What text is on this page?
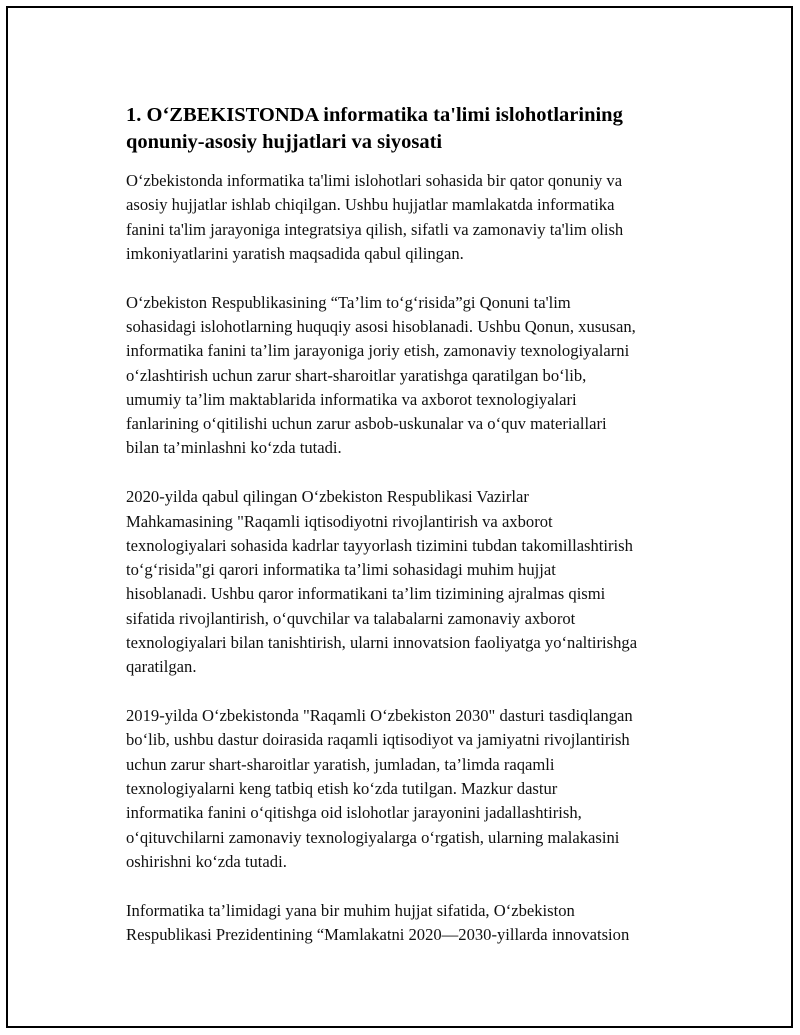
1. O‘ZBEKISTONDA informatika ta'limi islohotlarining
qonuniy-asosiy hujjatlari va siyosati
O‘zbekistonda informatika ta'limi islohotlari sohasida bir qator qonuniy va
asosiy hujjatlar ishlab chiqilgan. Ushbu hujjatlar mamlakatda informatika
fanini ta'lim jarayoniga integratsiya qilish, sifatli va zamonaviy ta'lim olish
imkoniyatlarini yaratish maqsadida qabul qilingan.
O‘zbekiston Respublikasining “Ta’lim to‘g‘risida”gi Qonuni ta'lim
sohasidagi islohotlarning huquqiy asosi hisoblanadi. Ushbu Qonun, xususan,
informatika fanini ta’lim jarayoniga joriy etish, zamonaviy texnologiyalarni
o‘zlashtirish uchun zarur shart-sharoitlar yaratishga qaratilgan bo‘lib,
umumiy ta’lim maktablarida informatika va axborot texnologiyalari
fanlarining o‘qitilishi uchun zarur asbob-uskunalar va o‘quv materiallari
bilan ta’minlashni ko‘zda tutadi.
2020-yilda qabul qilingan O‘zbekiston Respublikasi Vazirlar
Mahkamasining "Raqamli iqtisodiyotni rivojlantirish va axborot
texnologiyalari sohasida kadrlar tayyorlash tizimini tubdan takomillashtirish
to‘g‘risida"gi qarori informatika ta’limi sohasidagi muhim hujjat
hisoblanadi. Ushbu qaror informatikani ta’lim tizimining ajralmas qismi
sifatida rivojlantirish, o‘quvchilar va talabalarni zamonaviy axborot
texnologiyalari bilan tanishtirish, ularni innovatsion faoliyatga yo‘naltirishga
qaratilgan.
2019-yilda O‘zbekistonda "Raqamli O‘zbekiston 2030" dasturi tasdiqlangan
bo‘lib, ushbu dastur doirasida raqamli iqtisodiyot va jamiyatni rivojlantirish
uchun zarur shart-sharoitlar yaratish, jumladan, ta’limda raqamli
texnologiyalarni keng tatbiq etish ko‘zda tutilgan. Mazkur dastur
informatika fanini o‘qitishga oid islohotlar jarayonini jadallashtirish,
o‘qituvchilarni zamonaviy texnologiyalarga o‘rgatish, ularning malakasini
oshirishni ko‘zda tutadi.
Informatika ta’limidagi yana bir muhim hujjat sifatida, O‘zbekiston
Respublikasi Prezidentining “Mamlakatni 2020—2030-yillarda innovatsion
